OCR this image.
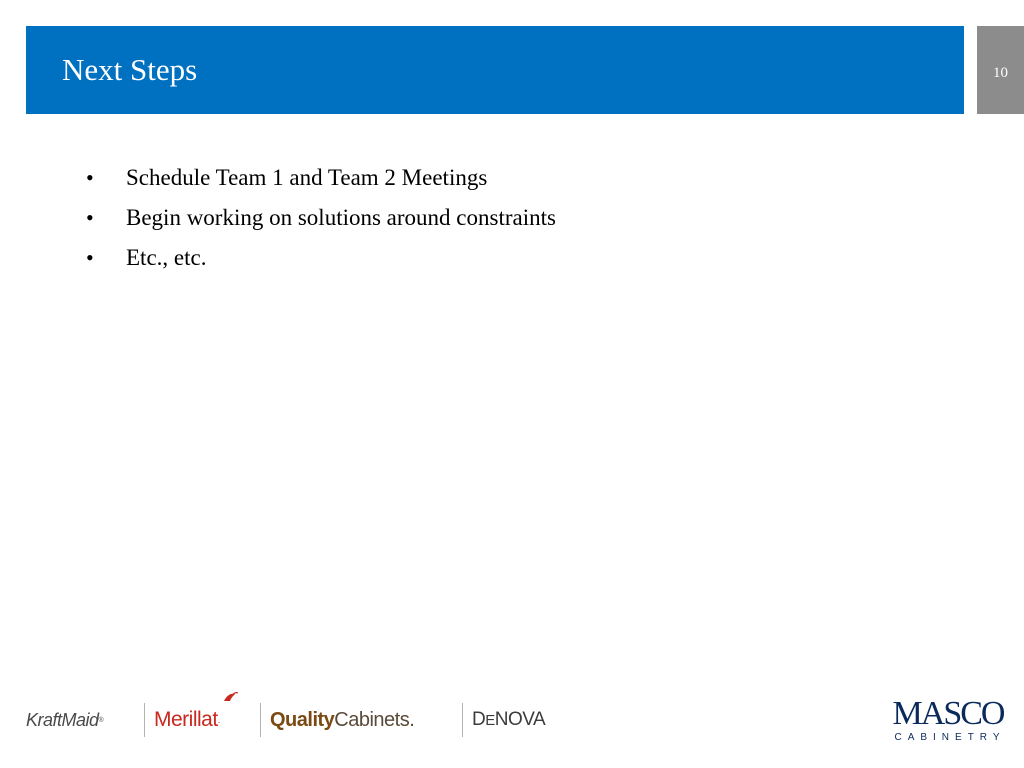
Next Steps	10
•	Schedule Team 1 and Team 2 Meetings
•	Begin working on solutions around constraints
•	Etc., etc.
KraftMaid ® Merillat .	Quality Cabinets .	D E NOVA	MASCO
CABINETRY
